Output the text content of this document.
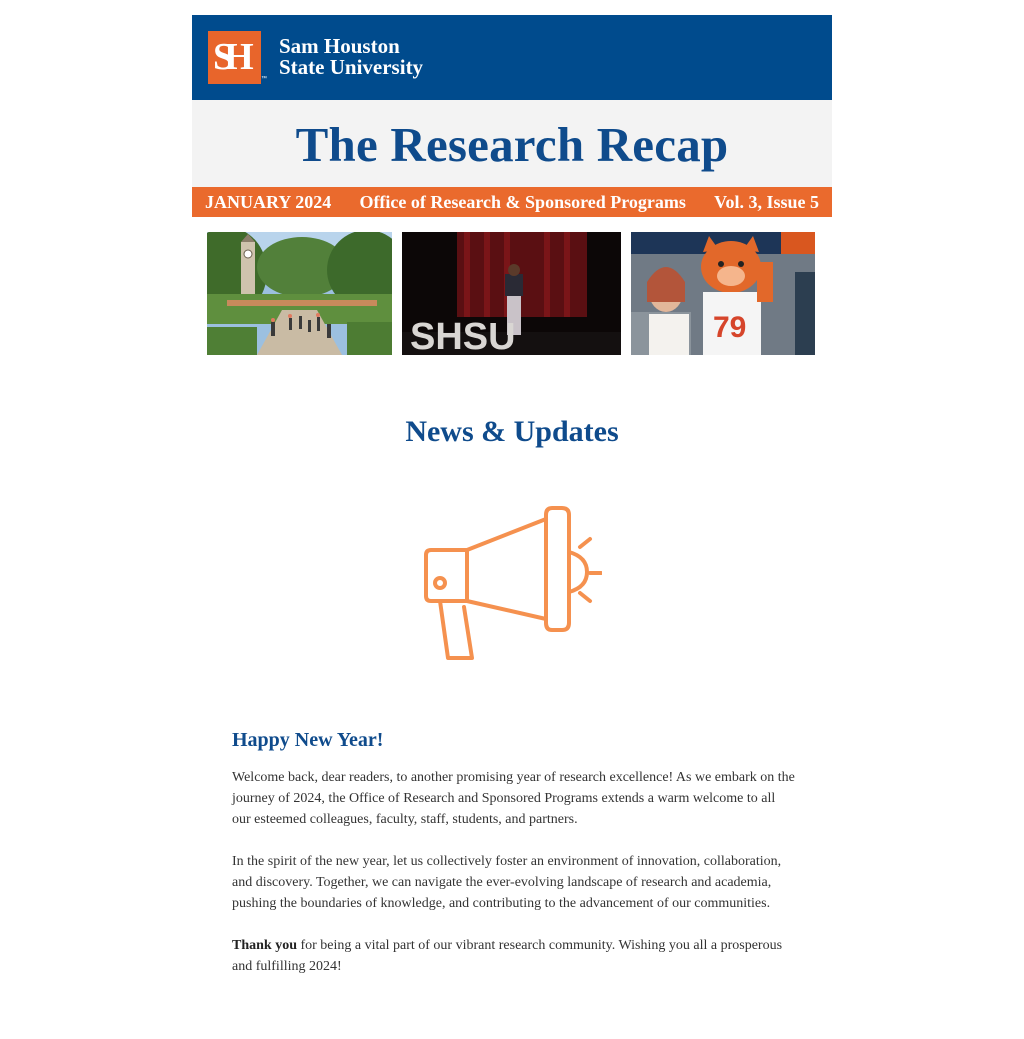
SH
™
Sam Houston
State University
The Research Recap
JANUARY 2024 Office of Research & Sponsored Programs Vol. 3, Issue 5
SHSU	79
News & Updates
Happy New Year!

Welcome back, dear readers, to another promising year of research excellence! As we embark on the journey of 2024, the Office of Research and Sponsored Programs extends a warm welcome to all our esteemed colleagues, faculty, staff, students, and partners.

In the spirit of the new year, let us collectively foster an environment of innovation, collaboration, and discovery. Together, we can navigate the ever-evolving landscape of research and academia, pushing the boundaries of knowledge, and contributing to the advancement of our communities.

Thank you for being a vital part of our vibrant research community. Wishing you all a prosperous and fulfilling 2024!
